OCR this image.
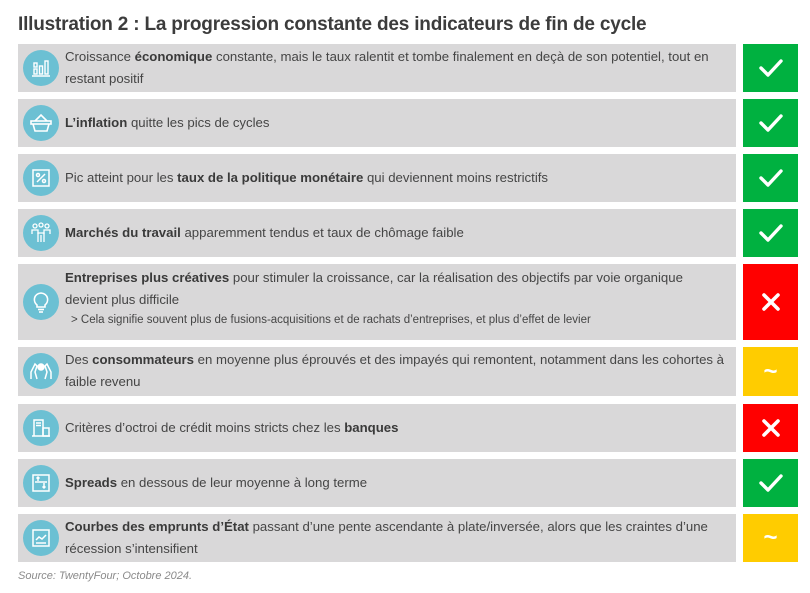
Illustration 2 : La progression constante des indicateurs de fin de cycle
Croissance économique constante, mais le taux ralentit et tombe finalement en deçà de son potentiel, tout en restant positif
L’inflation quitte les pics de cycles
Pic atteint pour les taux de la politique monétaire qui deviennent moins restrictifs
Marchés du travail apparemment tendus et taux de chômage faible
Entreprises plus créatives pour stimuler la croissance, car la réalisation des objectifs par voie organique devient plus difficile
> Cela signifie souvent plus de fusions-acquisitions et de rachats d’entreprises, et plus d’effet de levier
Des consommateurs en moyenne plus éprouvés et des impayés qui remontent, notamment dans les cohortes à faible revenu	~
Critères d’octroi de crédit moins stricts chez les banques
Spreads en dessous de leur moyenne à long terme
Courbes des emprunts d’État passant d’une pente ascendante à plate/inversée, alors que les craintes d’une récession s’intensifient	~
Source: TwentyFour; Octobre 2024.
